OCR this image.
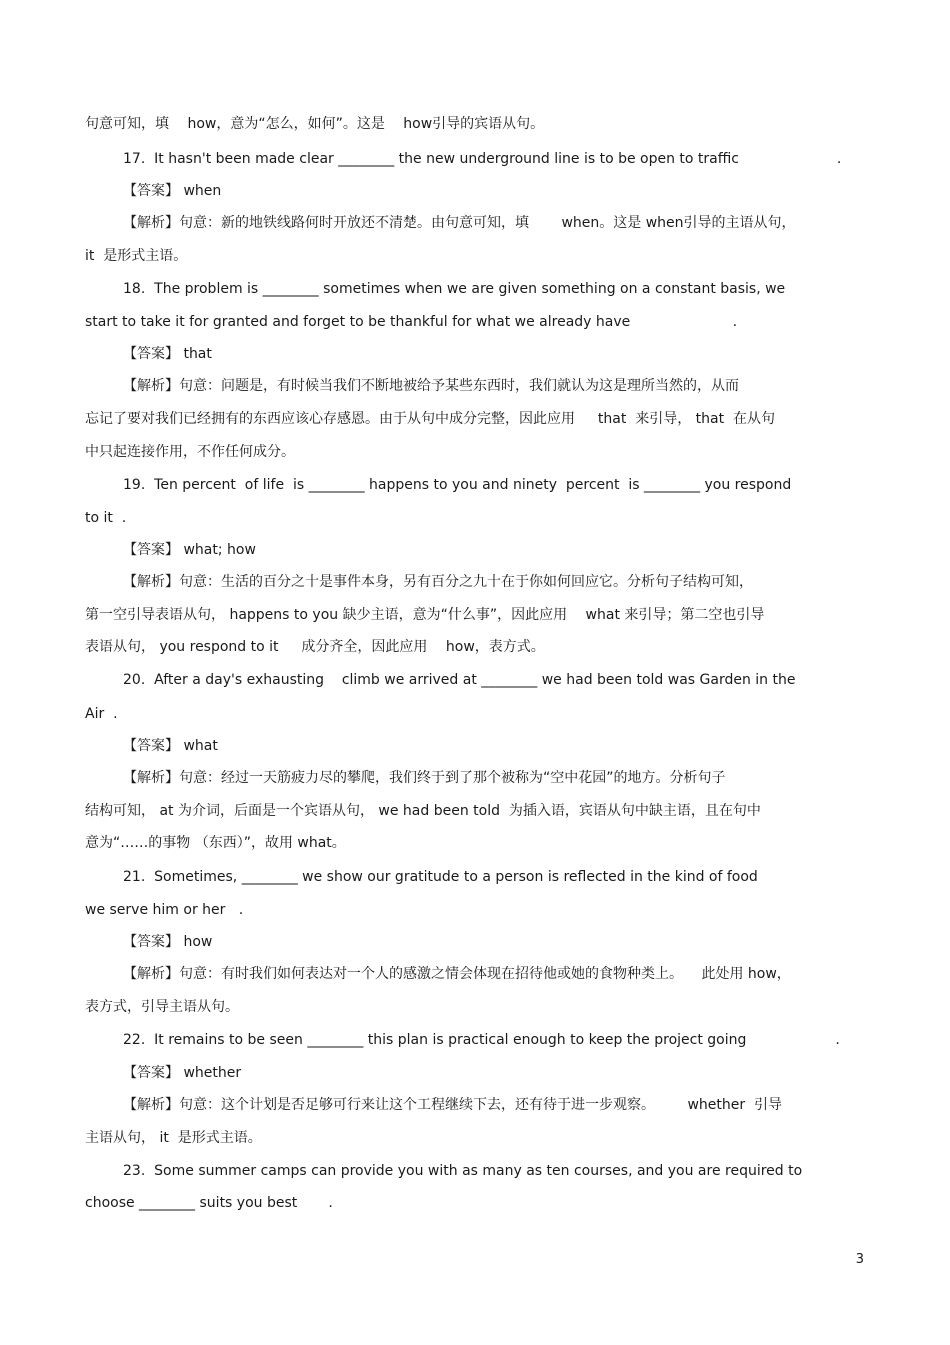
句意可知，填 　how，意为“怎么，如何”。这是 　how引导的宾语从句。
17.  It hasn't been made clear ________ the new underground line is to be open to traffic                      .
【答案】 when
【解析】句意：新的地铁线路何时开放还不清楚。由句意可知，填 　　when。这是 when引导的主语从句，
it  是形式主语。
18.  The problem is ________ sometimes when we are given something on a constant basis, we
start to take it for granted and forget to be thankful for what we already have                       .
【答案】 that
【解析】句意：问题是，有时候当我们不断地被给予某些东西时，我们就认为这是理所当然的，从而
忘记了要对我们已经拥有的东西应该心存感恩。由于从句中成分完整，因此应用 　 that  来引导， that  在从句
中只起连接作用，不作任何成分。
19.  Ten percent  of life  is ________ happens to you and ninety  percent  is ________ you respond
to it  .
【答案】 what; how
【解析】句意：生活的百分之十是事件本身，另有百分之九十在于你如何回应它。分析句子结构可知，
第一空引导表语从句， happens to you 缺少主语，意为“什么事”，因此应用 　what 来引导；第二空也引导
表语从句， you respond to it  　成分齐全，因此应用 　how，表方式。
20.  After a day's exhausting    climb we arrived at ________ we had been told was Garden in the
Air  .
【答案】 what
【解析】句意：经过一天筋疲力尽的攀爬，我们终于到了那个被称为“空中花园”的地方。分析句子
结构可知， at 为介词，后面是一个宾语从句， we had been told  为插入语，宾语从句中缺主语，且在句中
意为“……的事物 （东西）”，故用 what。
21.  Sometimes, ________ we show our gratitude to a person is reflected in the kind of food
we serve him or her   .
【答案】 how
【解析】句意：有时我们如何表达对一个人的感激之情会体现在招待他或她的食物种类上。 　此处用 how，
表方式，引导主语从句。
22.  It remains to be seen ________ this plan is practical enough to keep the project going                    .
【答案】 whether
【解析】句意：这个计划是否足够可行来让这个工程继续下去，还有待于进一步观察。 　　whether  引导
主语从句， it  是形式主语。
23.  Some summer camps can provide you with as many as ten courses, and you are required to
choose ________ suits you best       .
3
